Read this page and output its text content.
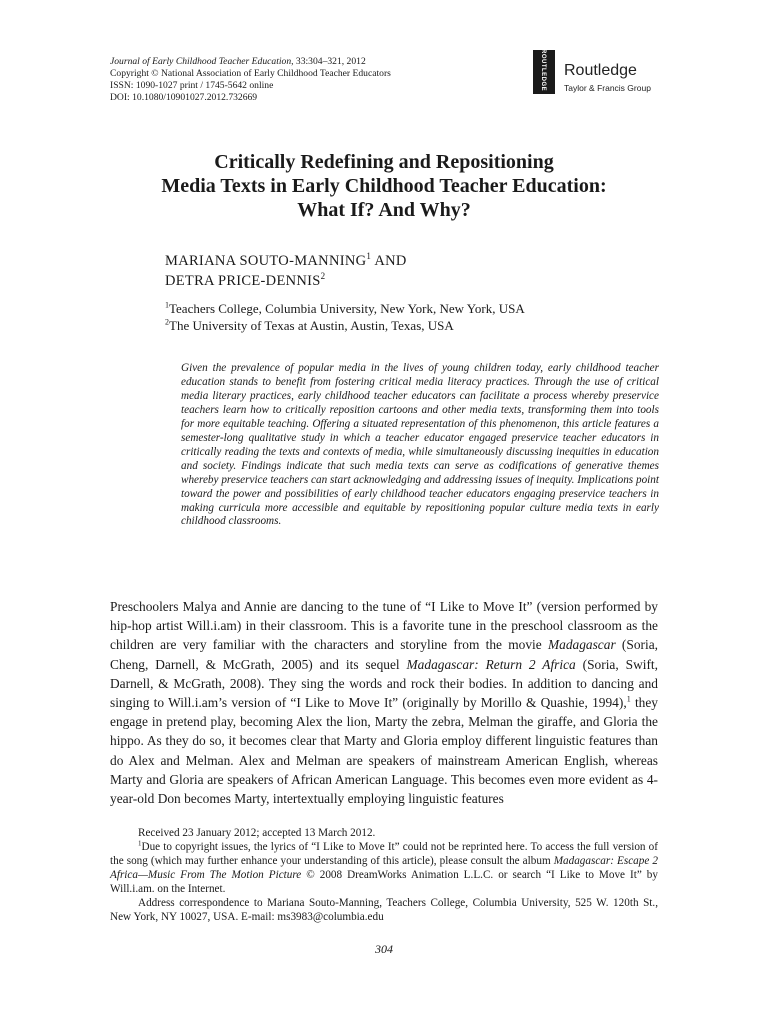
Journal of Early Childhood Teacher Education, 33:304–321, 2012
Copyright © National Association of Early Childhood Teacher Educators
ISSN: 1090-1027 print / 1745-5642 online
DOI: 10.1080/10901027.2012.732669
ROUTLEDGE Routledge
Taylor & Francis Group
Critically Redefining and Repositioning
Media Texts in Early Childhood Teacher Education:
What If? And Why?
MARIANA SOUTO-MANNING$^1$ AND
DETRA PRICE-DENNIS$^2$
$^1$Teachers College, Columbia University, New York, New York, USA
$^2$The University of Texas at Austin, Austin, Texas, USA
Given the prevalence of popular media in the lives of young children today, early childhood teacher education stands to benefit from fostering critical media literacy practices. Through the use of critical media literary practices, early childhood teacher educators can facilitate a process whereby preservice teachers learn how to critically reposition cartoons and other media texts, transforming them into tools for more equitable teaching. Offering a situated representation of this phenomenon, this article features a semester-long qualitative study in which a teacher educator engaged preservice teacher educators in critically reading the texts and contexts of media, while simultaneously discussing inequities in education and society. Findings indicate that such media texts can serve as codifications of generative themes whereby preservice teachers can start acknowledging and addressing issues of inequity. Implications point toward the power and possibilities of early childhood teacher educators engaging preservice teachers in making curricula more accessible and equitable by repositioning popular culture media texts in early childhood classrooms.
Preschoolers Malya and Annie are dancing to the tune of “I Like to Move It” (version performed by hip-hop artist Will.i.am) in their classroom. This is a favorite tune in the preschool classroom as the children are very familiar with the characters and storyline from the movie Madagascar (Soria, Cheng, Darnell, & McGrath, 2005) and its sequel Madagascar: Return 2 Africa (Soria, Swift, Darnell, & McGrath, 2008). They sing the words and rock their bodies. In addition to dancing and singing to Will.i.am’s version of “I Like to Move It” (originally by Morillo & Quashie, 1994),$^1$ they engage in pretend play, becoming Alex the lion, Marty the zebra, Melman the giraffe, and Gloria the hippo. As they do so, it becomes clear that Marty and Gloria employ different linguistic features than do Alex and Melman. Alex and Melman are speakers of mainstream American English, whereas Marty and Gloria are speakers of African American Language. This becomes even more evident as 4-year-old Don becomes Marty, intertextually employing linguistic features

Received 23 January 2012; accepted 13 March 2012.

$^1$Due to copyright issues, the lyrics of “I Like to Move It” could not be reprinted here. To access the full version of the song (which may further enhance your understanding of this article), please consult the album Madagascar: Escape 2 Africa—Music From The Motion Picture © 2008 DreamWorks Animation L.L.C. or search “I Like to Move It” by Will.i.am. on the Internet.

Address correspondence to Mariana Souto-Manning, Teachers College, Columbia University, 525 W. 120th St., New York, NY 10027, USA. E-mail: ms3983@columbia.edu

304
